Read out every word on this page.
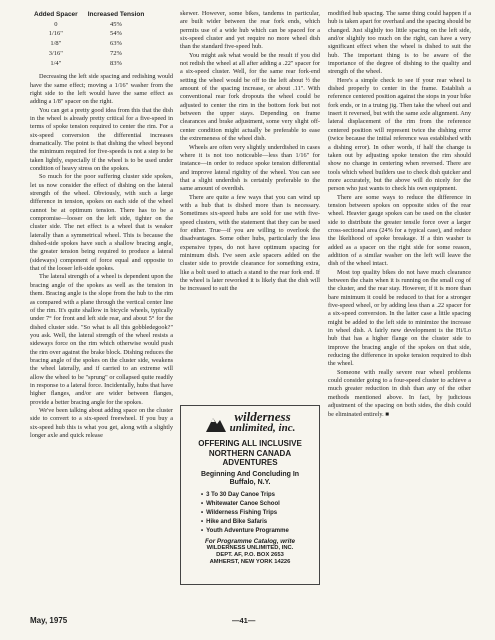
Added Spacer	Increased Tension
0	45%
1/16"	54%
1/8"	63%
3/16"	72%
1/4"	83%

Decreasing the left side spacing and redishing would have the same effect; moving a 1/16" washer from the right side to the left would have the same effect as adding a 1/8" spacer on the right.

You can get a pretty good idea from this that the dish in the wheel is already pretty critical for a five-speed in terms of spoke tension required to center the rim. For a six-speed conversion the differential increases dramatically. The point is that dishing the wheel beyond the minimum required for five-speeds is not a step to be taken lightly, especially if the wheel is to be used under condition of heavy stress on the spokes.

So much for the poor suffering cluster side spokes, let us now consider the effect of dishing on the lateral strength of the wheel. Obviously, with such a large difference in tension, spokes on each side of the wheel cannot be at optimum tension. There has to be a compromise—looser on the left side, tighter on the cluster side. The net effect is a wheel that is weaker laterally than a symmetrical wheel. This is because the dished-side spokes have such a shallow bracing angle, the greater tension being required to produce a lateral (sideways) component of force equal and opposite to that of the looser left-side spokes.

The lateral strength of a wheel is dependent upon the bracing angle of the spokes as well as the tension in them. Bracing angle is the slope from the hub to the rim as compared with a plane through the vertical center line of the rim. It's quite shallow in bicycle wheels, typically under 7° for front and left side rear, and about 5° for the dished cluster side. "So what is all this gobbledegook?" you ask. Well, the lateral strength of the wheel resists a sideways force on the rim which otherwise would push the rim over against the brake block. Dishing reduces the bracing angle of the spokes on the cluster side, weakens the wheel laterally, and if carried to an extreme will allow the wheel to be "sprung" or collapsed quite readily in response to a lateral force. Incidentally, hubs that have higher flanges, and/or are wider between flanges, provide a better bracing angle for the spokes.

We've been talking about adding space on the cluster side to convert to a six-speed freewheel. If you buy a six-speed hub this is what you get, along with a slightly longer axle and quick release

skewer. However, some bikes, tandems in particular, are built wider between the rear fork ends, which permits use of a wide hub which can be spaced for a six-speed cluster and yet require no more wheel dish than the standard five-speed hub.

You might ask what would be the result if you did not redish the wheel at all after adding a .22" spacer for a six-speed cluster. Well, for the same rear fork-end setting the wheel would be off to the left about ½ the amount of the spacing increase, or about .11". With conventional rear fork dropouts the wheel could be adjusted to center the rim in the bottom fork but not between the upper stays. Depending on frame clearances and brake adjustment, some very slight off-center condition might actually be preferable to ease the extremeness of the wheel dish.

Wheels are often very slightly underdished in cases where it is not too noticeable—less than 1/16" for instance—in order to reduce spoke tension differential and improve lateral rigidity of the wheel. You can see that a slight underdish is certainly preferable to the same amount of overdish.

There are quite a few ways that you can wind up with a hub that is dished more than is necessary. Sometimes six-speed hubs are sold for use with five-speed clusters, with the statement that they can be used for either. True—if you are willing to overlook the disadvantages. Some other hubs, particularly the less expensive types, do not have optimum spacing for minimum dish. I've seen axle spacers added on the cluster side to provide clearance for something extra, like a bolt used to attach a stand to the rear fork end. If the wheel is later reworked it is likely that the dish will be increased to suit the

wilderness
unlimited, inc.
OFFERING ALL INCLUSIVE NORTHERN CANADA ADVENTURES
Beginning And Concluding In Buffalo, N.Y.
• 3 To 30 Day Canoe Trips
• Whitewater Canoe School
• Wilderness Fishing Trips
• Hike and Bike Safaris
• Youth Adventure Programme
For Programme Catalog, write
WILDERNESS UNLIMITED, INC.
DEPT. AF, P.O. BOX 2653
AMHERST, NEW YORK 14226

modified hub spacing. The same thing could happen if a hub is taken apart for overhaul and the spacing should be changed. Just slightly too little spacing on the left side, and/or slightly too much on the right, can have a very significant effect when the wheel is dished to suit the hub. The important thing is to be aware of the importance of the degree of dishing to the quality and strength of the wheel.

Here's a simple check to see if your rear wheel is dished properly to center in the frame. Establish a reference centered position against the stops in your bike fork ends, or in a truing jig. Then take the wheel out and insert it reversed, but with the same axle alignment. Any lateral displacement of the rim from the reference centered position will represent twice the dishing error (twice because the initial reference was established with a dishing error). In other words, if half the change is taken out by adjusting spoke tension the rim should show no change in centering when reversed. There are tools which wheel builders use to check dish quicker and more accurately, but the above will do nicely for the person who just wants to check his own equipment.

There are some ways to reduce the difference in tension between spokes on opposite sides of the rear wheel. Heavier gauge spokes can be used on the cluster side to distribute the greater tensile force over a larger cross-sectional area (24% for a typical case), and reduce the likelihood of spoke breakage. If a thin washer is added as a spacer on the right side for some reason, addition of a similar washer on the left will leave the dish of the wheel intact.

Most top quality bikes do not have much clearance between the chain when it is running on the small cog of the cluster, and the rear stay. However, if it is more than bare minimum it could be reduced to that for a stronger five-speed wheel, or by adding less than a .22 spacer for a six-speed conversion. In the latter case a little spacing might be added to the left side to minimize the increase in wheel dish. A fairly new development is the Hi/Lo hub that has a higher flange on the cluster side to improve the bracing angle of the spokes on that side, reducing the difference in spoke tension required to dish the wheel.

Someone with really severe rear wheel problems could consider going to a four-speed cluster to achieve a much greater reduction in dish than any of the other methods mentioned above. In fact, by judicious adjustment of the spacing on both sides, the dish could be eliminated entirely. ■

May, 1975	—41—
